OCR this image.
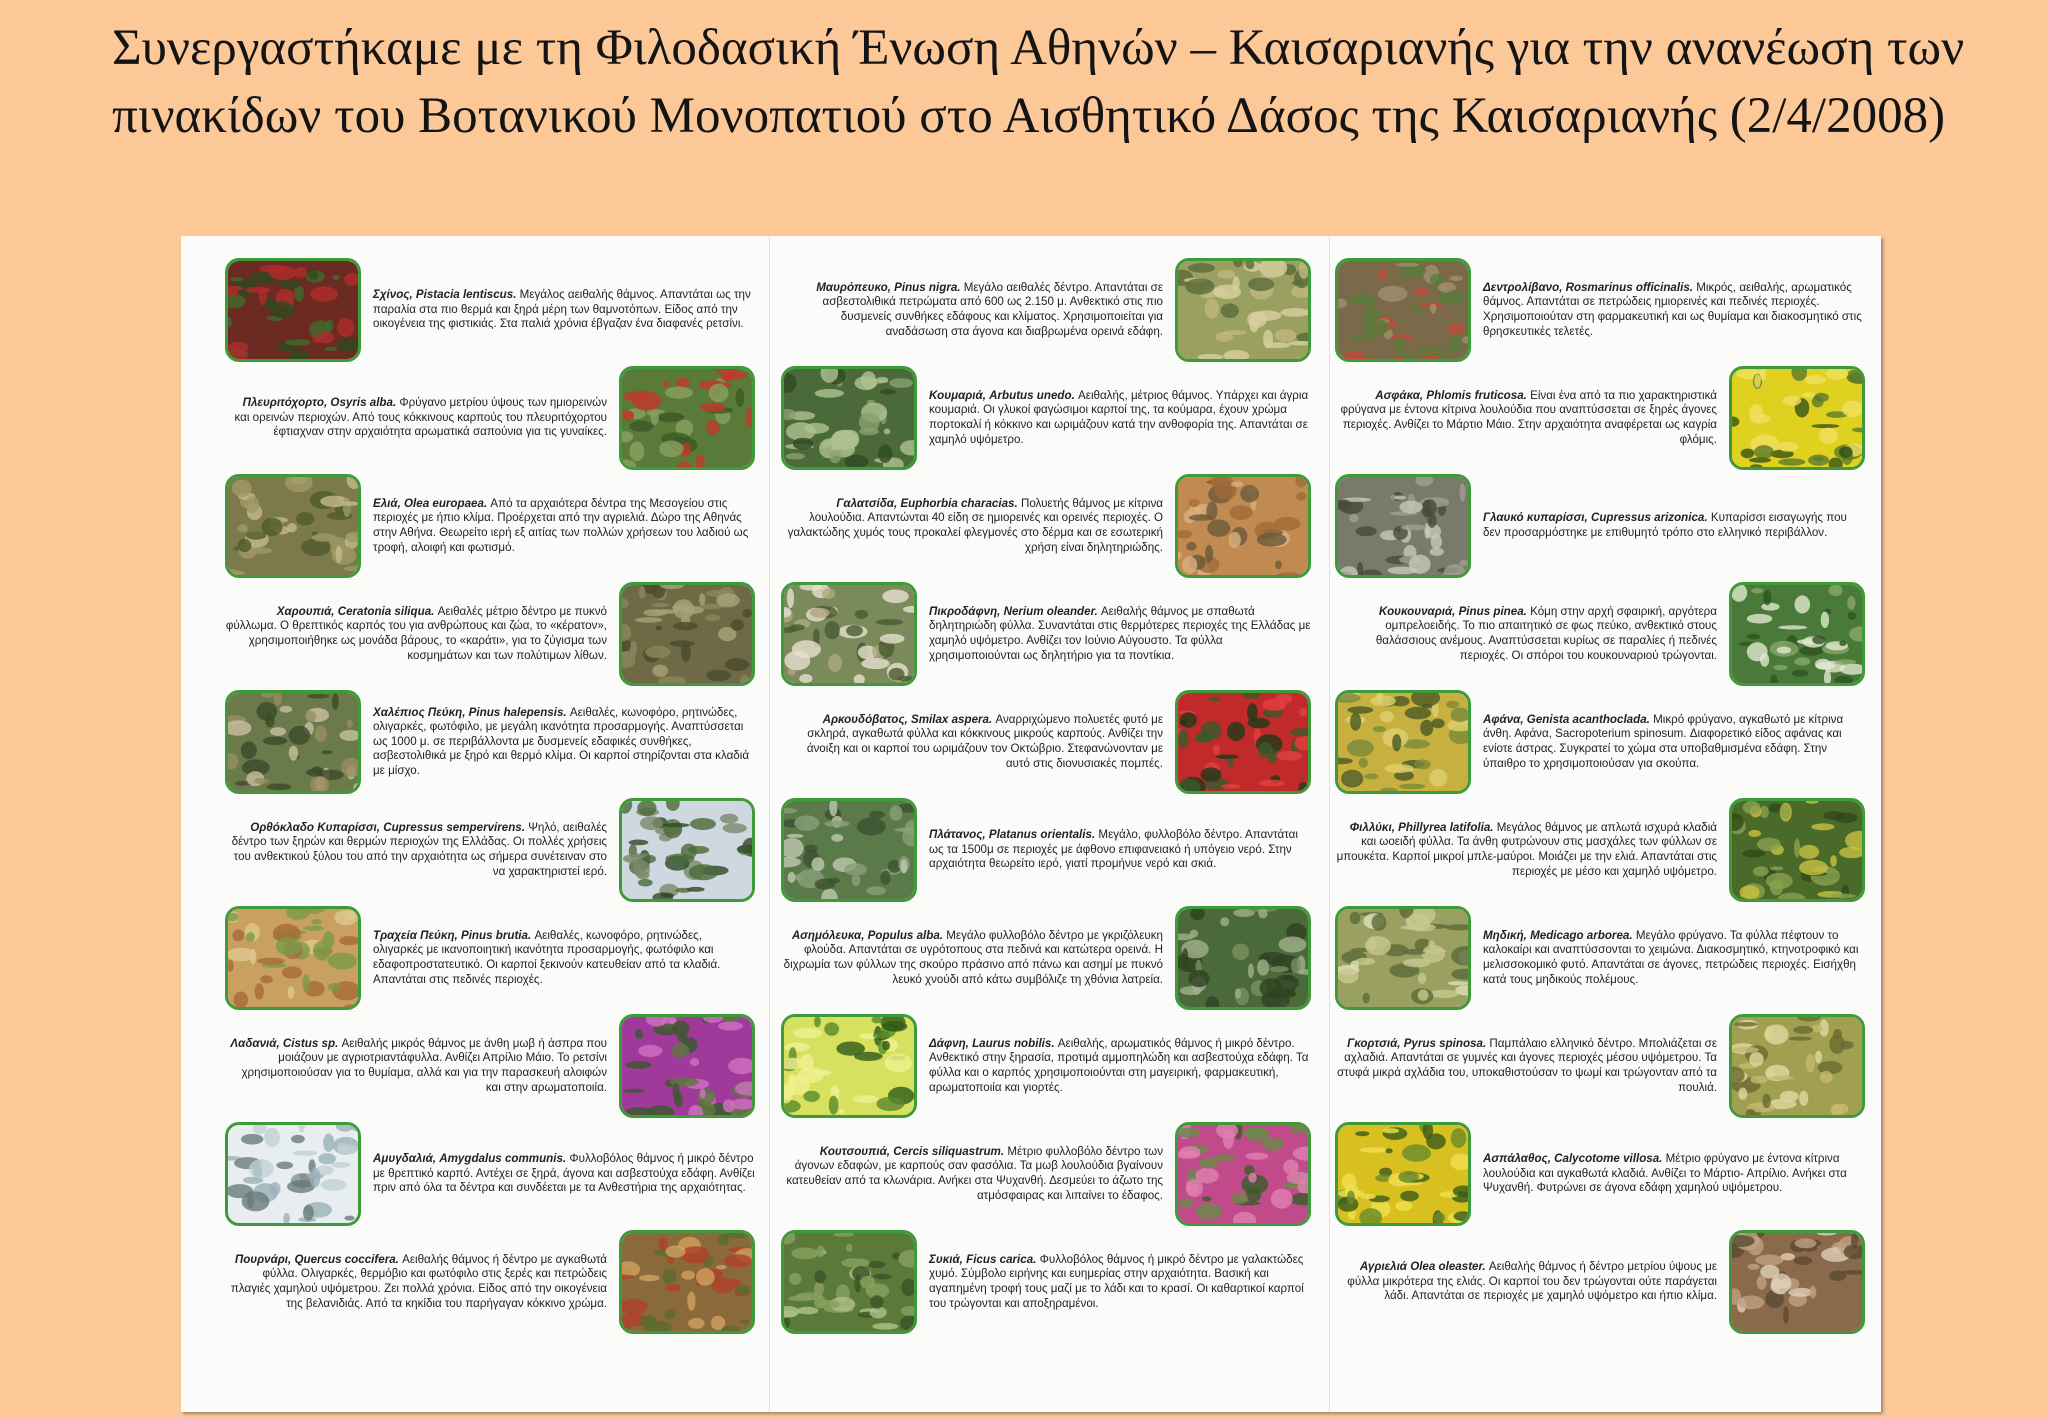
Συνεργαστήκαμε με τη Φιλοδασική Ένωση Αθηνών – Καισαριανής για την ανανέωση των πινακίδων του Βοτανικού Μονοπατιού στο Αισθητικό Δάσος της Καισαριανής (2/4/2008)
Σχίνος, Pistacia lentiscus. Μεγάλος αειθαλής θάμνος. Απαντάται ως την παραλία στα πιο θερμά και ξηρά μέρη των θαμνοτόπων. Είδος από την οικογένεια της φιστικιάς. Στα παλιά χρόνια έβγαζαν ένα διαφανές ρετσίνι.
Πλευριτόχορτο, Osyris alba. Φρύγανο μετρίου ύψους των ημιορεινών και ορεινών περιοχών. Από τους κόκκινους καρπούς του πλευριτόχορτου έφτιαχναν στην αρχαιότητα αρωματικά σαπούνια για τις γυναίκες.
Ελιά, Olea europaea. Από τα αρχαιότερα δέντρα της Μεσογείου στις περιοχές με ήπιο κλίμα. Προέρχεται από την αγριελιά. Δώρο της Αθηνάς στην Αθήνα. Θεωρείτο ιερή εξ αιτίας των πολλών χρήσεων του λαδιού ως τροφή, αλοιφή και φωτισμό.
Χαρουπιά, Ceratonia siliqua. Αειθαλές μέτριο δέντρο με πυκνό φύλλωμα. Ο θρεπτικός καρπός του για ανθρώπους και ζώα, το «κέρατον», χρησιμοποιήθηκε ως μονάδα βάρους, το «καράτι», για το ζύγισμα των κοσμημάτων και των πολύτιμων λίθων.
Χαλέπιος Πεύκη, Pinus halepensis. Αειθαλές, κωνοφόρο, ρητινώδες, ολιγαρκές, φωτόφιλο, με μεγάλη ικανότητα προσαρμογής. Αναπτύσσεται ως 1000 μ. σε περιβάλλοντα με δυσμενείς εδαφικές συνθήκες, ασβεστολιθικά με ξηρό και θερμό κλίμα. Οι καρποί στηρίζονται στα κλαδιά με μίσχο.
Ορθόκλαδο Κυπαρίσσι, Cupressus sempervirens. Ψηλό, αειθαλές δέντρο των ξηρών και θερμών περιοχών της Ελλάδας. Οι πολλές χρήσεις του ανθεκτικού ξύλου του από την αρχαιότητα ως σήμερα συνέτειναν στο να χαρακτηριστεί ιερό.
Τραχεία Πεύκη, Pinus brutia. Αειθαλές, κωνοφόρο, ρητινώδες, ολιγαρκές με ικανοποιητική ικανότητα προσαρμογής, φωτόφιλο και εδαφοπροστατευτικό. Οι καρποί ξεκινούν κατευθείαν από τα κλαδιά. Απαντάται στις πεδινές περιοχές.
Λαδανιά, Cistus sp. Αειθαλής μικρός θάμνος με άνθη μωβ ή άσπρα που μοιάζουν με αγριοτριαντάφυλλα. Ανθίζει Απρίλιο Μάιο. Το ρετσίνι χρησιμοποιούσαν για το θυμίαμα, αλλά και για την παρασκευή αλοιφών και στην αρωματοποιία.
Αμυγδαλιά, Amygdalus communis. Φυλλοβόλος θάμνος ή μικρό δέντρο με θρεπτικό καρπό. Αντέχει σε ξηρά, άγονα και ασβεστούχα εδάφη. Ανθίζει πριν από όλα τα δέντρα και συνδέεται με τα Ανθεστήρια της αρχαιότητας.
Πουρνάρι, Quercus coccifera. Αειθαλής θάμνος ή δέντρο με αγκαθωτά φύλλα. Ολιγαρκές, θερμόβιο και φωτόφιλο στις ξερές και πετρώδεις πλαγιές χαμηλού υψόμετρου. Ζει πολλά χρόνια. Είδος από την οικογένεια της βελανιδιάς. Από τα κηκίδια του παρήγαγαν κόκκινο χρώμα.
Μαυρόπευκο, Pinus nigra. Μεγάλο αειθαλές δέντρο. Απαντάται σε ασβεστολιθικά πετρώματα από 600 ως 2.150 μ. Ανθεκτικό στις πιο δυσμενείς συνθήκες εδάφους και κλίματος. Χρησιμοποιείται για αναδάσωση στα άγονα και διαβρωμένα ορεινά εδάφη.
Κουμαριά, Arbutus unedo. Αειθαλής, μέτριος θάμνος. Υπάρχει και άγρια κουμαριά. Οι γλυκοί φαγώσιμοι καρποί της, τα κούμαρα, έχουν χρώμα πορτοκαλί ή κόκκινο και ωριμάζουν κατά την ανθοφορία της. Απαντάται σε χαμηλό υψόμετρο.
Γαλατσίδα, Euphorbia characias. Πολυετής θάμνος με κίτρινα λουλούδια. Απαντώνται 40 είδη σε ημιορεινές και ορεινές περιοχές. Ο γαλακτώδης χυμός τους προκαλεί φλεγμονές στο δέρμα και σε εσωτερική χρήση είναι δηλητηριώδης.
Πικροδάφνη, Nerium oleander. Αειθαλής θάμνος με σπαθωτά δηλητηριώδη φύλλα. Συναντάται στις θερμότερες περιοχές της Ελλάδας με χαμηλό υψόμετρο. Ανθίζει τον Ιούνιο Αύγουστο. Τα φύλλα χρησιμοποιούνται ως δηλητήριο για τα ποντίκια.
Αρκουδόβατος, Smilax aspera. Αναρριχώμενο πολυετές φυτό με σκληρά, αγκαθωτά φύλλα και κόκκινους μικρούς καρπούς. Ανθίζει την άνοιξη και οι καρποί του ωριμάζουν τον Οκτώβριο. Στεφανώνονταν με αυτό στις διονυσιακές πομπές.
Πλάτανος, Platanus orientalis. Μεγάλο, φυλλοβόλο δέντρο. Απαντάται ως τα 1500μ σε περιοχές με άφθονο επιφανειακό ή υπόγειο νερό. Στην αρχαιότητα θεωρείτο ιερό, γιατί προμήνυε νερό και σκιά.
Ασημόλευκα, Populus alba. Μεγάλο φυλλοβόλο δέντρο με γκριζόλευκη φλούδα. Απαντάται σε υγρότοπους στα πεδινά και κατώτερα ορεινά. Η διχρωμία των φύλλων της σκούρο πράσινο από πάνω και ασημί με πυκνό λευκό χνούδι από κάτω συμβόλιζε τη χθόνια λατρεία.
Δάφνη, Laurus nobilis. Αειθαλής, αρωματικός θάμνος ή μικρό δέντρο. Ανθεκτικό στην ξηρασία, προτιμά αμμοπηλώδη και ασβεστούχα εδάφη. Τα φύλλα και ο καρπός χρησιμοποιούνται στη μαγειρική, φαρμακευτική, αρωματοποιία και γιορτές.
Κουτσουπιά, Cercis siliquastrum. Μέτριο φυλλοβόλο δέντρο των άγονων εδαφών, με καρπούς σαν φασόλια. Τα μωβ λουλούδια βγαίνουν κατευθείαν από τα κλωνάρια. Ανήκει στα Ψυχανθή. Δεσμεύει το άζωτο της ατμόσφαιρας και λιπαίνει το έδαφος.
Συκιά, Ficus carica. Φυλλοβόλος θάμνος ή μικρό δέντρο με γαλακτώδες χυμό. Σύμβολο ειρήνης και ευημερίας στην αρχαιότητα. Βασική και αγαπημένη τροφή τους μαζί με το λάδι και το κρασί. Οι καθαρτικοί καρποί του τρώγονται και αποξηραμένοι.
Δεντρολίβανο, Rosmarinus officinalis. Μικρός, αειθαλής, αρωματικός θάμνος. Απαντάται σε πετρώδεις ημιορεινές και πεδινές περιοχές. Χρησιμοποιούταν στη φαρμακευτική και ως θυμίαμα και διακοσμητικό στις θρησκευτικές τελετές.
Ασφάκα, Phlomis fruticosa. Είναι ένα από τα πιο χαρακτηριστικά φρύγανα με έντονα κίτρινα λουλούδια που αναπτύσσεται σε ξηρές άγονες περιοχές. Ανθίζει το Μάρτιο Μάιο. Στην αρχαιότητα αναφέρεται ως καγρία φλόμις.
Γλαυκό κυπαρίσσι, Cupressus arizonica. Κυπαρίσσι εισαγωγής που δεν προσαρμόστηκε με επιθυμητό τρόπο στο ελληνικό περιβάλλον.
Κουκουναριά, Pinus pinea. Κόμη στην αρχή σφαιρική, αργότερα ομπρελοειδής. Το πιο απαιτητικό σε φως πεύκο, ανθεκτικό στους θαλάσσιους ανέμους. Αναπτύσσεται κυρίως σε παραλίες ή πεδινές περιοχές. Οι σπόροι του κουκουναριού τρώγονται.
Αφάνα, Genista acanthoclada. Μικρό φρύγανο, αγκαθωτό με κίτρινα άνθη. Αφάνα, Sacropoterium spinosum. Διαφορετικό είδος αφάνας και ενίοτε άστρας. Συγκρατεί το χώμα στα υποβαθμισμένα εδάφη. Στην ύπαιθρο το χρησιμοποιούσαν για σκούπα.
Φιλλύκι, Phillyrea latifolia. Μεγάλος θάμνος με απλωτά ισχυρά κλαδιά και ωοειδή φύλλα. Τα άνθη φυτρώνουν στις μασχάλες των φύλλων σε μπουκέτα. Καρποί μικροί μπλε-μαύροι. Μοιάζει με την ελιά. Απαντάται στις περιοχές με μέσο και χαμηλό υψόμετρο.
Μηδική, Medicago arborea. Μεγάλο φρύγανο. Τα φύλλα πέφτουν το καλοκαίρι και αναπτύσσονται το χειμώνα. Διακοσμητικό, κτηνοτροφικό και μελισσοκομικό φυτό. Απαντάται σε άγονες, πετρώδεις περιοχές. Εισήχθη κατά τους μηδικούς πολέμους.
Γκορτσιά, Pyrus spinosa. Παμπάλαιο ελληνικό δέντρο. Μπολιάζεται σε αχλαδιά. Απαντάται σε γυμνές και άγονες περιοχές μέσου υψόμετρου. Τα στυφά μικρά αχλάδια του, υποκαθιστούσαν το ψωμί και τρώγονταν από τα πουλιά.
Ασπάλαθος, Calycotome villosa. Μέτριο φρύγανο με έντονα κίτρινα λουλούδια και αγκαθωτά κλαδιά. Ανθίζει το Μάρτιο- Απρίλιο. Ανήκει στα Ψυχανθή. Φυτρώνει σε άγονα εδάφη χαμηλού υψόμετρου.
Αγριελιά Olea oleaster. Αειθαλής θάμνος ή δέντρο μετρίου ύψους με φύλλα μικρότερα της ελιάς. Οι καρποί του δεν τρώγονται ούτε παράγεται λάδι. Απαντάται σε περιοχές με χαμηλό υψόμετρο και ήπιο κλίμα.
